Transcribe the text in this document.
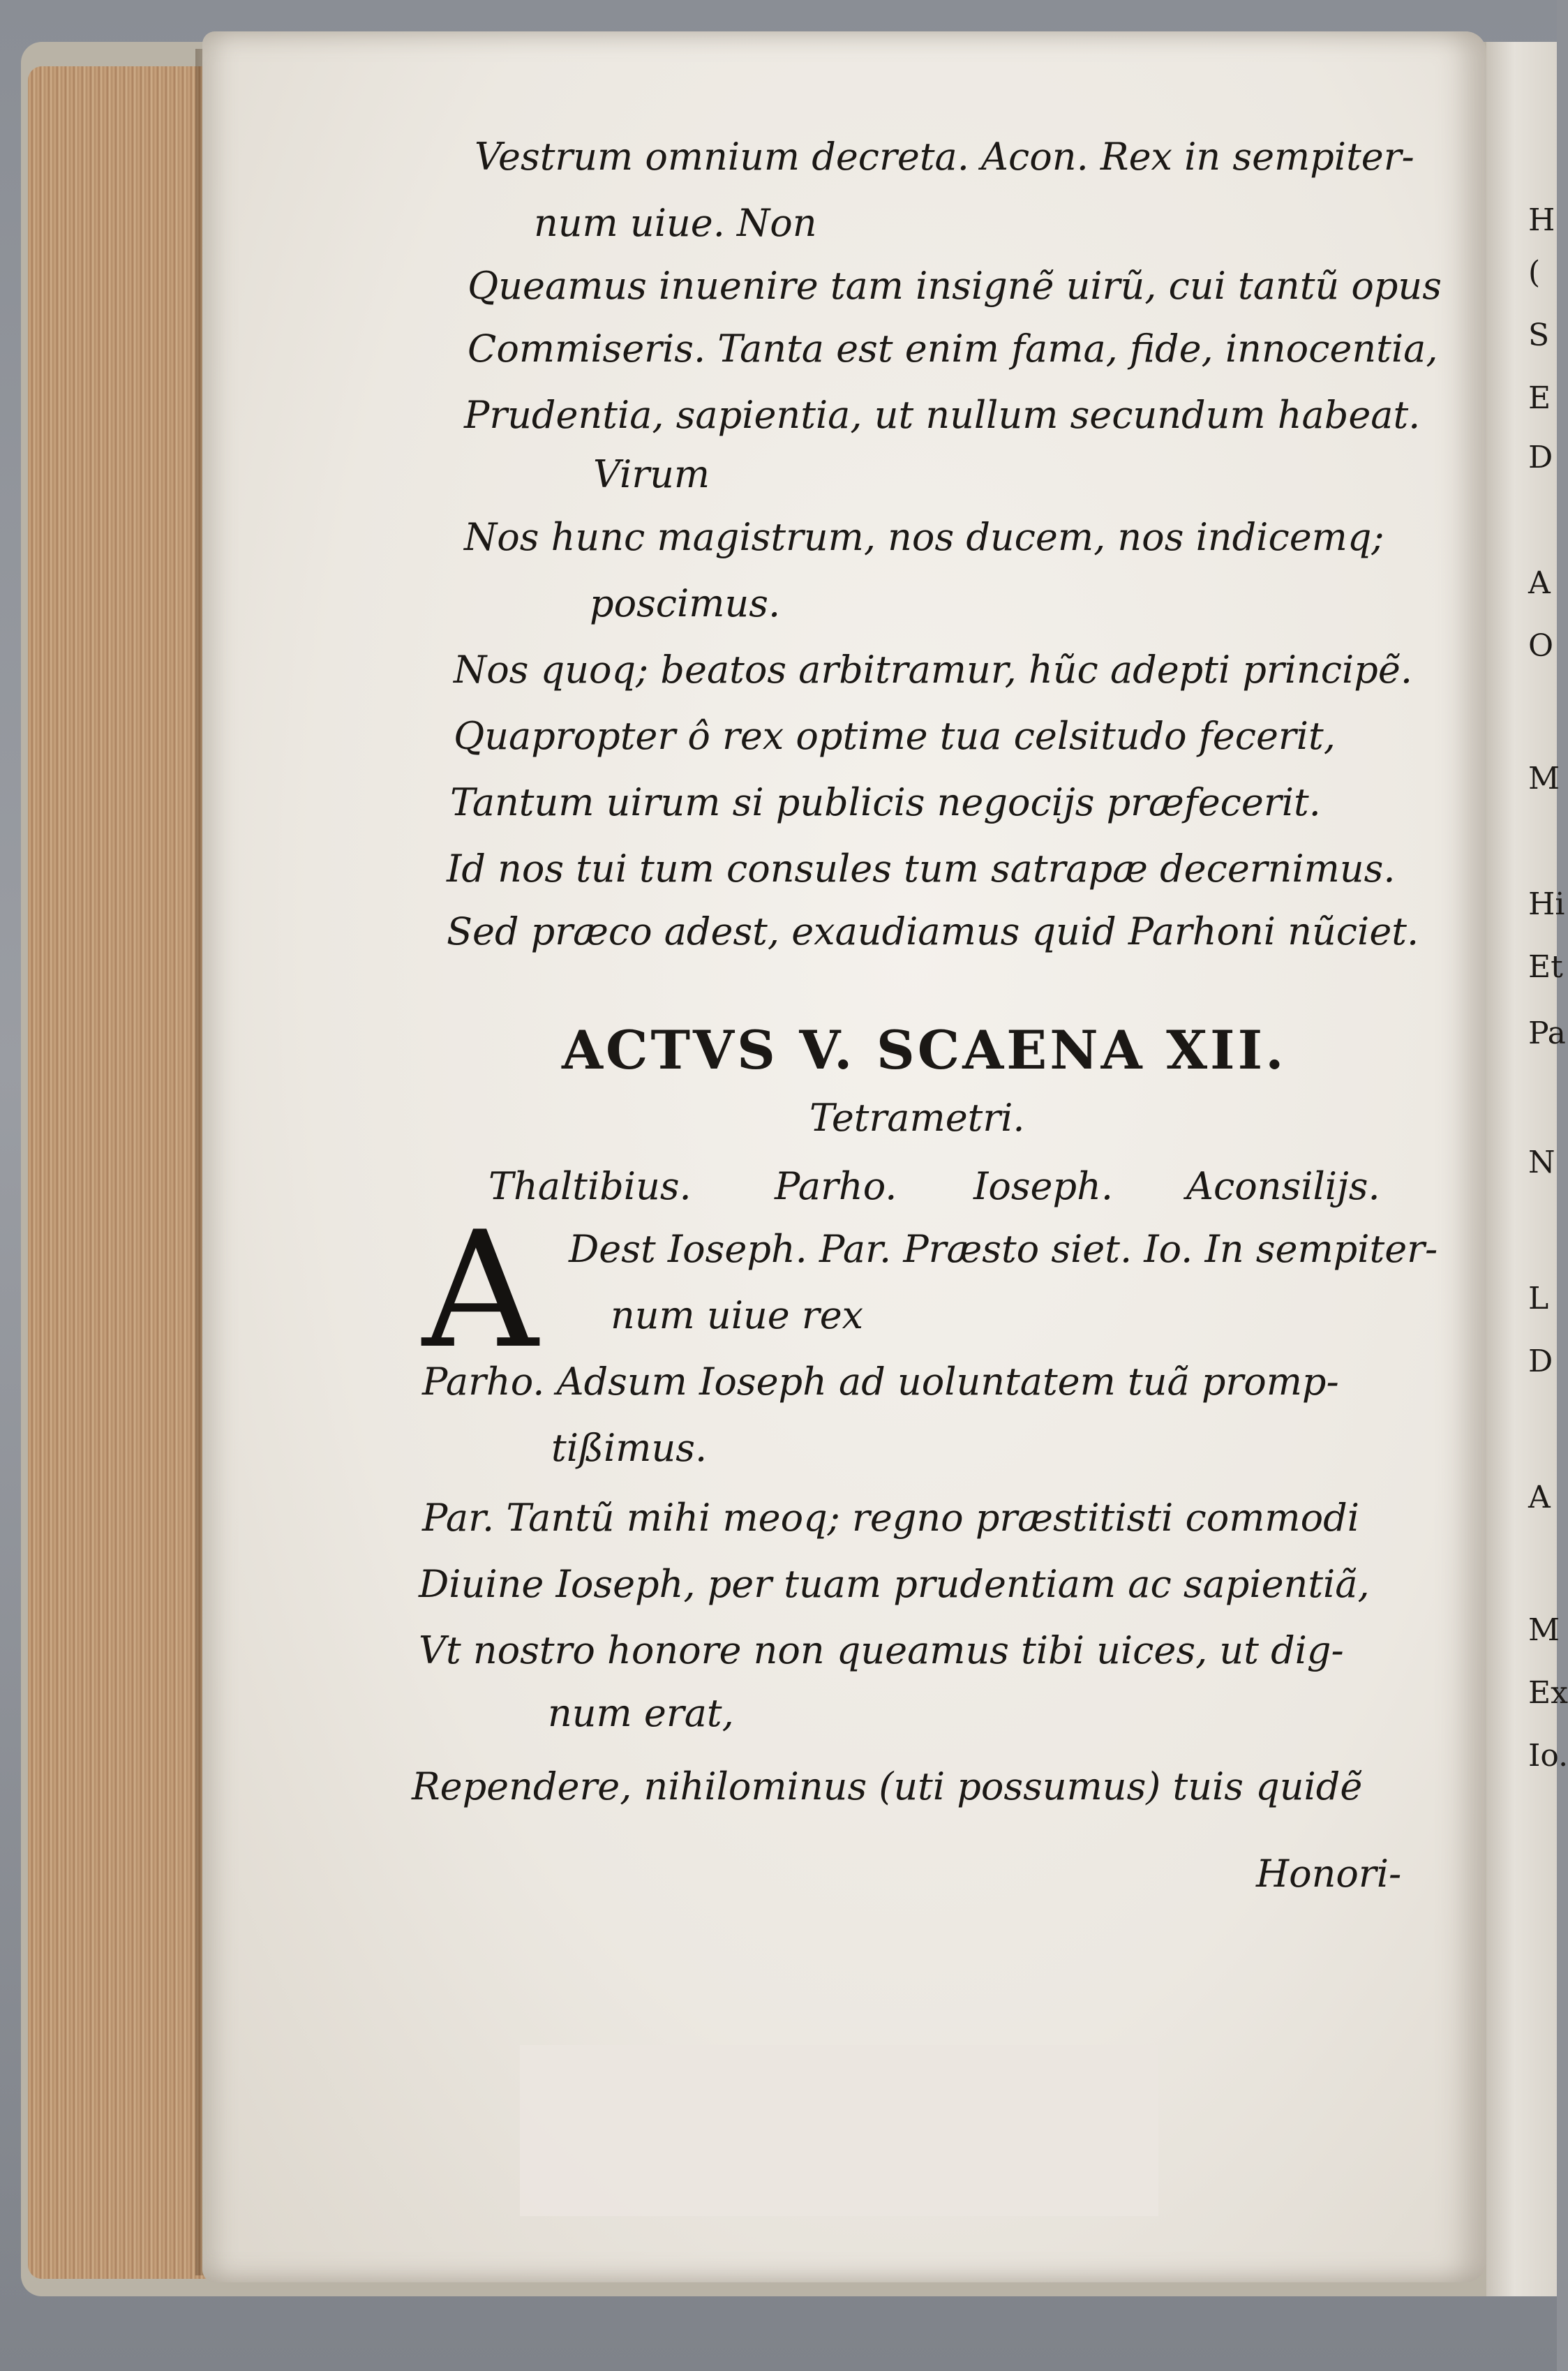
H
(
S
E
D
A
O
M
Hi
Et
Pa
N
L
D
A
M
Ex
Io.
Vestrum omnium decreta. Acon. Rex in sempiter-
num uiue. Non
Queamus inuenire tam insignẽ uirũ, cui tantũ opus
Commiseris. Tanta est enim fama, fide, innocentia,
Prudentia, sapientia, ut nullum secundum habeat.
Virum
Nos hunc magistrum, nos ducem, nos indicemq;
poscimus.
Nos quoq; beatos arbitramur, hũc adepti principẽ.
Quapropter ô rex optime tua celsitudo fecerit,
Tantum uirum si publicis negocijs præfecerit.
Id nos tui tum consules tum satrapæ decernimus.
Sed præco adest, exaudiamus quid Parhoni nũciet.
ACTVS V. SCAENA XII.
Tetrametri.
Thaltibius. Parho. Ioseph. Aconsilijs.
A Dest Ioseph. Par. Præsto siet. Io. In sempiter-
num uiue rex
Parho. Adsum Ioseph ad uoluntatem tuã promp-
tißimus.
Par. Tantũ mihi meoq; regno præstitisti commodi
Diuine Ioseph, per tuam prudentiam ac sapientiã,
Vt nostro honore non queamus tibi uices, ut dig-
num erat,
Rependere, nihilominus (uti possumus) tuis quidẽ
Honori-
